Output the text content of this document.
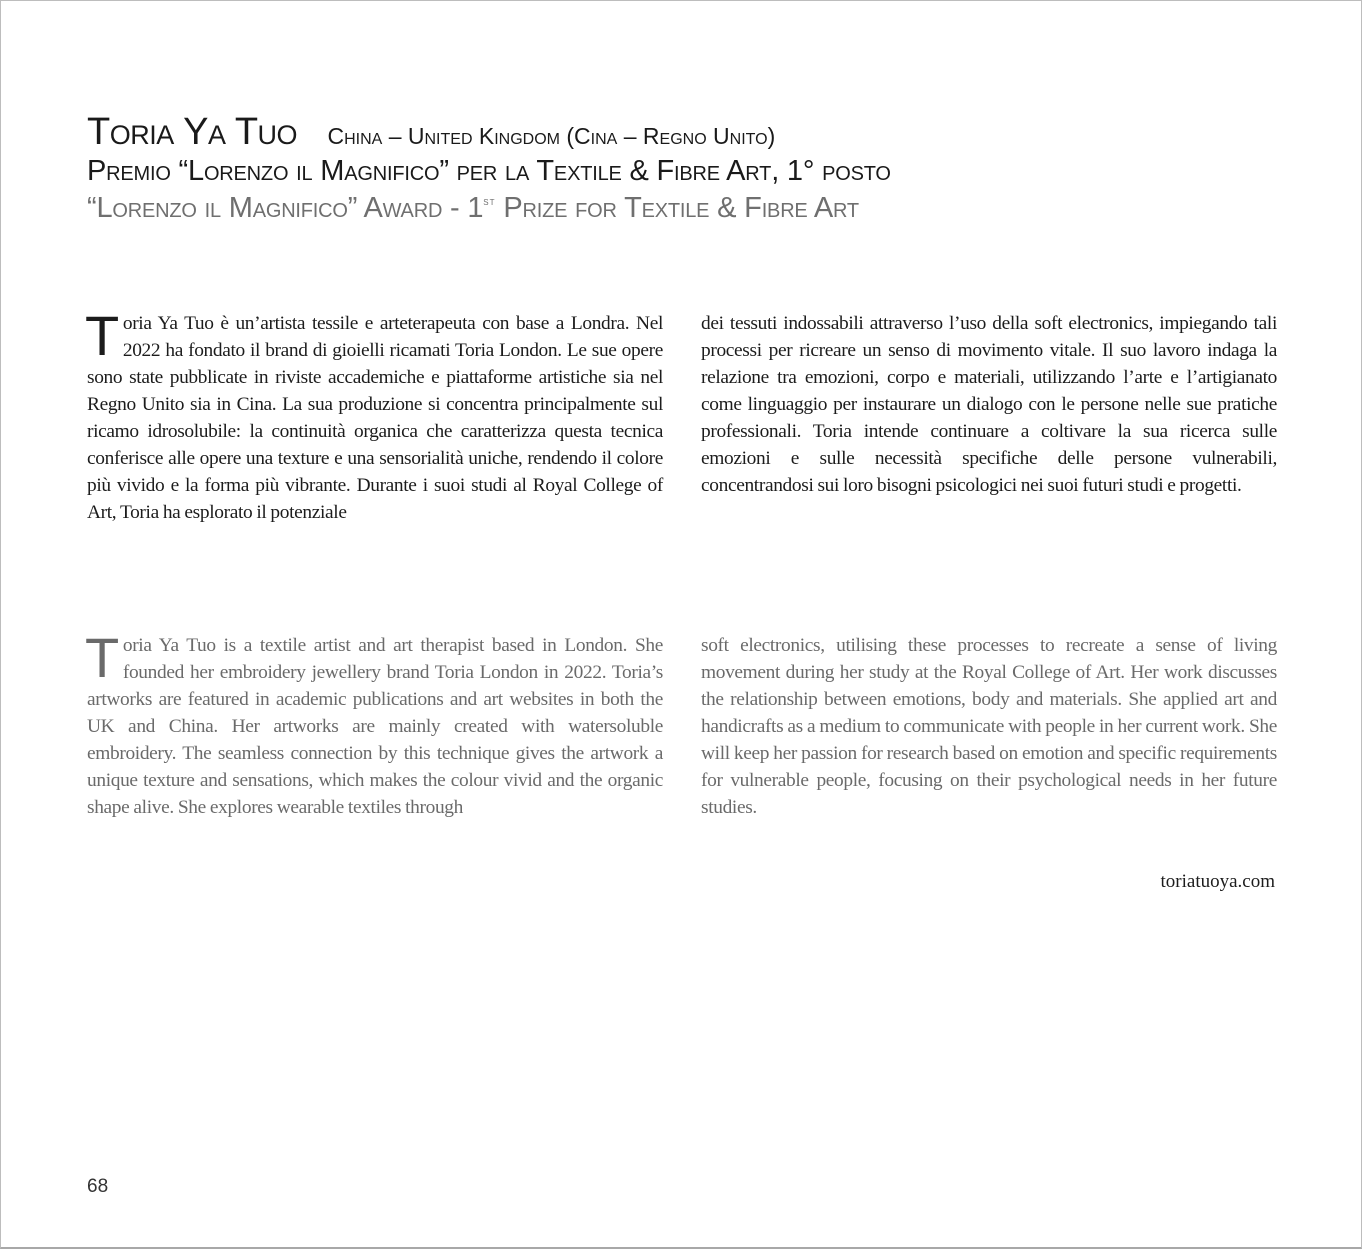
Toria Ya Tuo China – United Kingdom (Cina – Regno Unito)
Premio “Lorenzo il Magnifico” per la Textile & Fibre Art, 1° posto
“Lorenzo il Magnifico” Award - 1st Prize for Textile & Fibre Art
Toria Ya Tuo è un’artista tessile e arteterapeuta con base a Londra. Nel 2022 ha fondato il brand di gioielli ricamati Toria London. Le sue opere sono state pubblicate in riviste accademiche e piattaforme artistiche sia nel Regno Unito sia in Cina. La sua produzione si concentra principalmente sul ricamo idrosolubile: la continuità organica che caratterizza questa tecnica conferisce alle opere una texture e una sensorialità uniche, rendendo il colore più vivido e la forma più vibrante. Durante i suoi studi al Royal College of Art, Toria ha esplorato il potenziale
dei tessuti indossabili attraverso l’uso della soft electronics, impiegando tali processi per ricreare un senso di movimento vitale. Il suo lavoro indaga la relazione tra emozioni, corpo e materiali, utilizzando l’arte e l’artigianato come linguaggio per instaurare un dialogo con le persone nelle sue pratiche professionali. Toria intende continuare a coltivare la sua ricerca sulle emozioni e sulle necessità specifiche delle persone vulnerabili, concentrandosi sui loro bisogni psicologici nei suoi futuri studi e progetti.
Toria Ya Tuo is a textile artist and art therapist based in London. She founded her embroidery jewellery brand Toria London in 2022. Toria’s artworks are featured in academic publications and art websites in both the UK and China. Her artworks are mainly created with watersoluble embroidery. The seamless connection by this technique gives the artwork a unique texture and sensations, which makes the colour vivid and the organic shape alive. She explores wearable textiles through
soft electronics, utilising these processes to recreate a sense of living movement during her study at the Royal College of Art. Her work discusses the relationship between emotions, body and materials. She applied art and handicrafts as a medium to communicate with people in her current work. She will keep her passion for research based on emotion and specific requirements for vulnerable people, focusing on their psychological needs in her future studies.
toriatuoya.com
68
